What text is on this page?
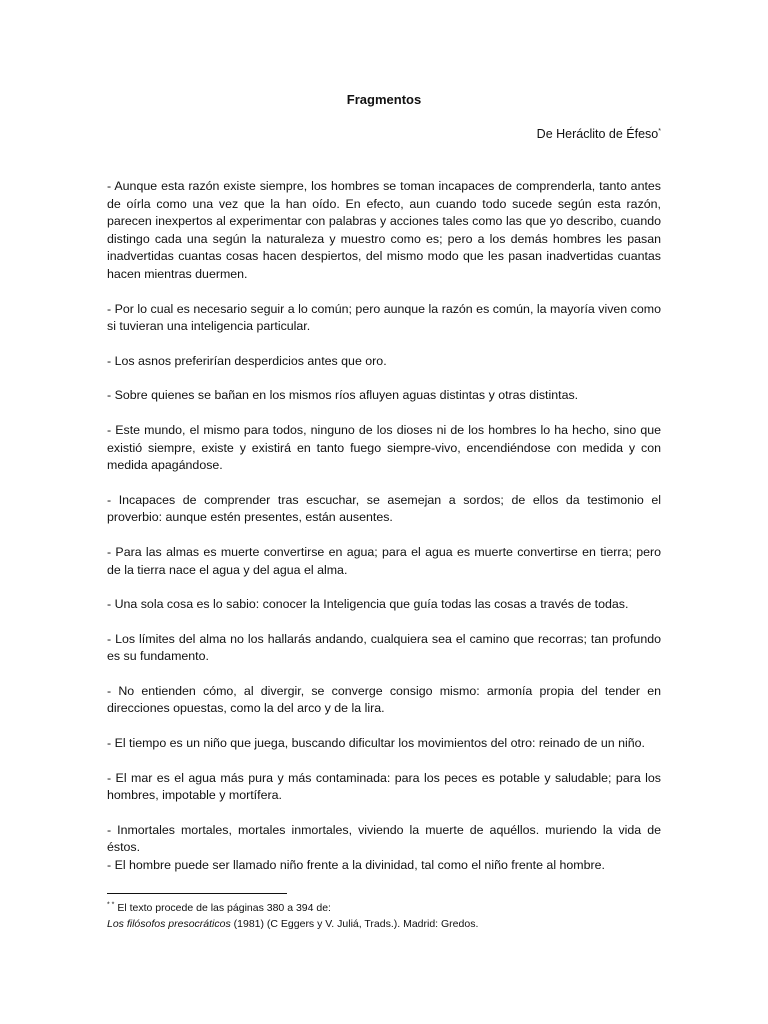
Fragmentos

De Heráclito de Éfeso*

- Aunque esta razón existe siempre, los hombres se toman incapaces de comprenderla, tanto antes de oírla como una vez que la han oído. En efecto, aun cuando todo sucede según esta razón, parecen inexpertos al experimentar con palabras y acciones tales como las que yo describo, cuando distingo cada una según la naturaleza y muestro como es; pero a los demás hombres les pasan inadvertidas cuantas cosas hacen despiertos, del mismo modo que les pasan inadvertidas cuantas hacen mientras duermen.

- Por lo cual es necesario seguir a lo común; pero aunque la razón es común, la mayoría viven como si tuvieran una inteligencia particular.

- Los asnos preferirían desperdicios antes que oro.

- Sobre quienes se bañan en los mismos ríos afluyen aguas distintas y otras distintas.

- Este mundo, el mismo para todos, ninguno de los dioses ni de los hombres lo ha hecho, sino que existió siempre, existe y existirá en tanto fuego siempre-vivo, encendiéndose con medida y con medida apagándose.

- Incapaces de comprender tras escuchar, se asemejan a sordos; de ellos da testimonio el proverbio: aunque estén presentes, están ausentes.

- Para las almas es muerte convertirse en agua; para el agua es muerte convertirse en tierra; pero de la tierra nace el agua y del agua el alma.

- Una sola cosa es lo sabio: conocer la Inteligencia que guía todas las cosas a través de todas.

- Los límites del alma no los hallarás andando, cualquiera sea el camino que recorras; tan profundo es su fundamento.

- No entienden cómo, al divergir, se converge consigo mismo: armonía propia del tender en direcciones opuestas, como la del arco y de la lira.

- El tiempo es un niño que juega, buscando dificultar los movimientos del otro: reinado de un niño.

- El mar es el agua más pura y más contaminada: para los peces es potable y saludable; para los hombres, impotable y mortífera.

- Inmortales mortales, mortales inmortales, viviendo la muerte de aquéllos. muriendo la vida de éstos.

- El hombre puede ser llamado niño frente a la divinidad, tal como el niño frente al hombre.

* * El texto procede de las páginas 380 a 394 de:
Los filósofos presocráticos (1981) (C Eggers y V. Juliá, Trads.). Madrid: Gredos.
